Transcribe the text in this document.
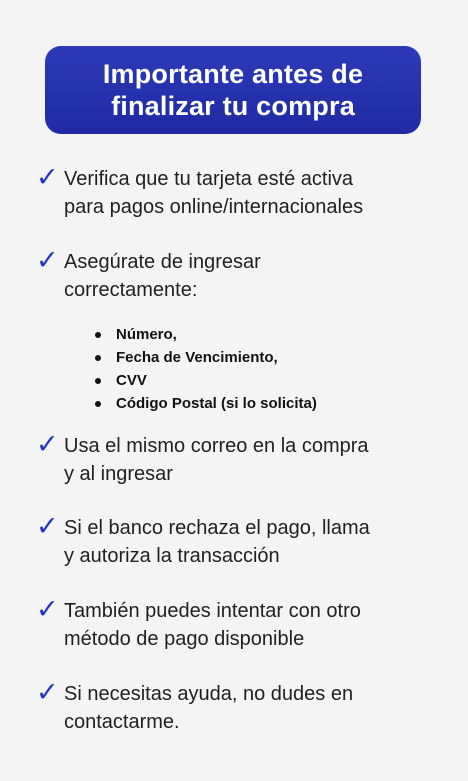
Importante antes de
finalizar tu compra
✓ Verifica que tu tarjeta esté activa
para pagos online/internacionales
✓ Asegúrate de ingresar
correctamente:
Número,
Fecha de Vencimiento,
CVV
Código Postal (si lo solicita)
✓ Usa el mismo correo en la compra
y al ingresar
✓ Si el banco rechaza el pago, llama
y autoriza la transacción
✓ También puedes intentar con otro
método de pago disponible
✓ Si necesitas ayuda, no dudes en
contactarme.
